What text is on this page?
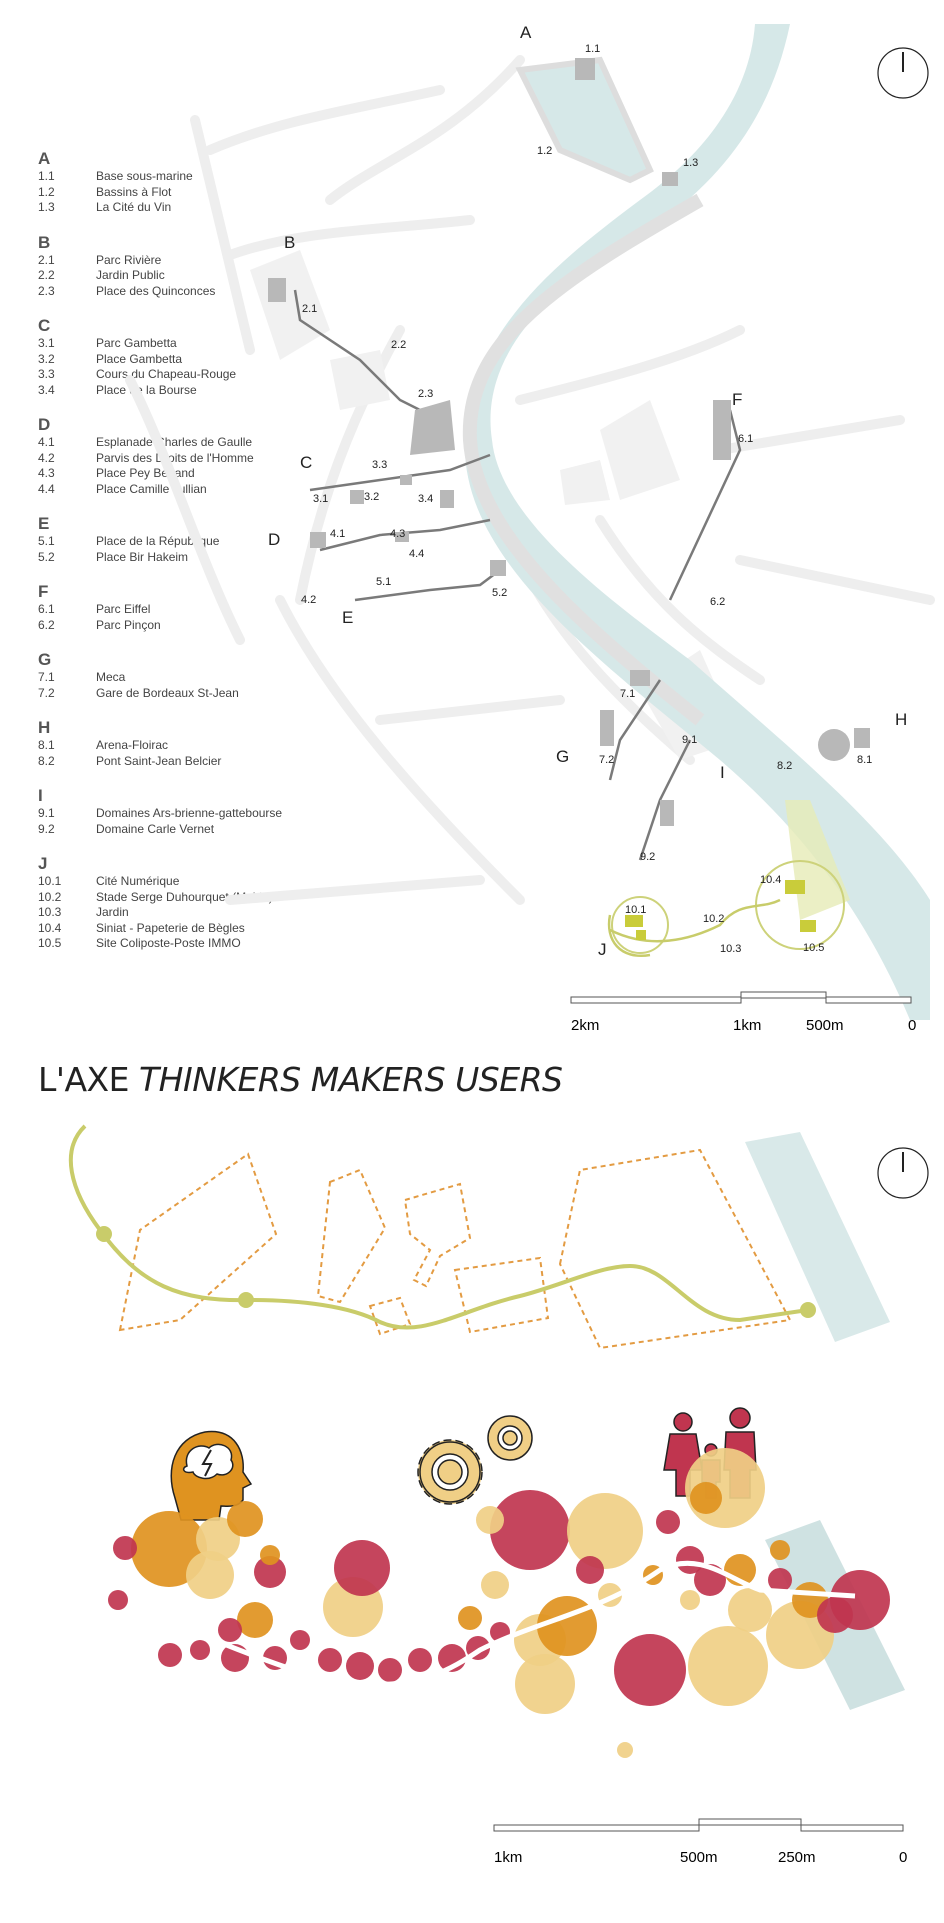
A
1.1	Base sous-marine
1.2	Bassins à Flot
1.3	La Cité du Vin
B
2.1	Parc Rivière
2.2	Jardin Public
2.3	Place des Quinconces
C
3.1	Parc Gambetta
3.2	Place Gambetta
3.3	Cours du Chapeau-Rouge
3.4	Place de la Bourse
D
4.1	Esplanade Charles de Gaulle
4.2	Parvis des Droits de l'Homme
4.3	Place Pey Berland
4.4	Place Camille Jullian
E
5.1	Place de la République
5.2	Place Bir Hakeim
F
6.1	Parc Eiffel
6.2	Parc Pinçon
G
7.1	Meca
7.2	Gare de Bordeaux St-Jean
H
8.1	Arena-Floirac
8.2	Pont Saint-Jean Belcier
I
9.1	Domaines Ars-brienne-gattebourse
9.2	Domaine Carle Vernet
J
10.1	Cité Numérique
10.2	Stade Serge Duhourquet (Mairie)
10.3	Jardin
10.4	Siniat - Papeterie de Bègles
10.5	Site Coliposte-Poste IMMO
A
B
C
D
E
F
G
H
I
J
1.1
1.2
1.3
2.1
2.2
2.3
3.1	3.2
3.3
3.4
4.1
4.2
4.3
4.4
5.1
5.2
6.1
6.2
7.1
7.2	8.1
8.2
9.1
9.2
10.1
10.2
10.3
10.4
10.5
2km	1km	500m	0
L'AXE THINKERS MAKERS USERS
1km	500m	250m	0
